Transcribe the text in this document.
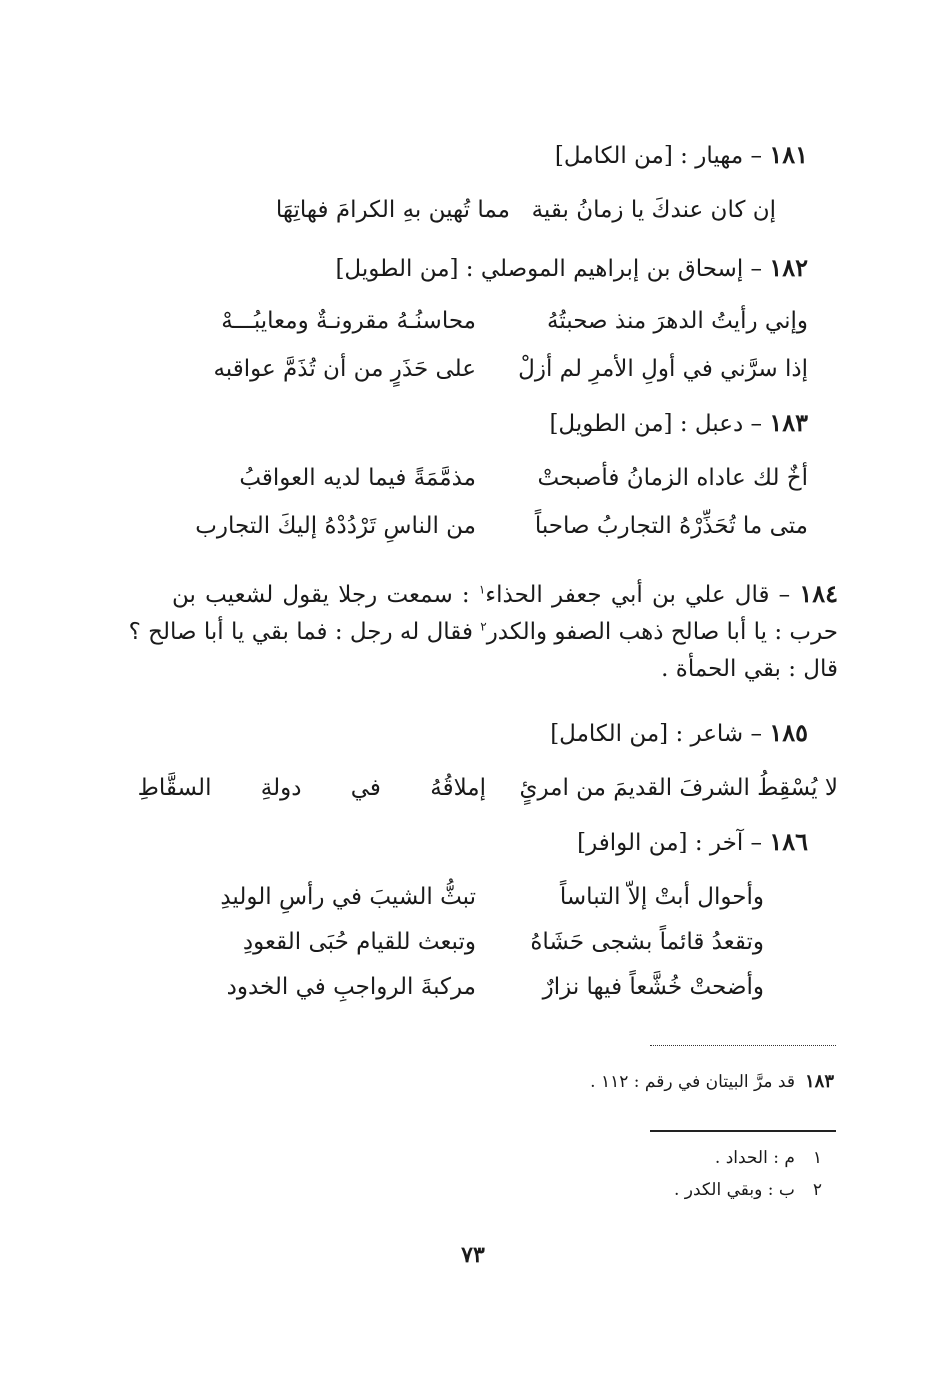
١٨١ – مهيار : [من الكامل]
إن كان عندكَ يا زمانُ بقية
مما تُهين بهِ الكرامَ فهاتِهَا
١٨٢ – إسحاق بن إبراهيم الموصلي : [من الطويل]
وإني رأيتُ الدهرَ منذ صحبتُهُ
محاسنُـهُ مقرونـةٌ ومعايبُـــهْ
إذا سرَّني في أولِ الأمرِ لم أزلْ
على حَذَرٍ من أن تُذَمَّ عواقبه
١٨٣ – دعبل : [من الطويل]
أخٌ لك عاداه الزمانُ فأصبحتْ
مذمَّمَةً فيما لديه العواقبُ
متى ما تُحَذِّرْهُ التجاربُ صاحباً
من الناسِ تَرْدُدْهُ إليكَ التجارب
١٨٤ – قال علي بن أبي جعفر الحذاء$^١$ : سمعت رجلا يقول لشعيب بن
حرب : يا أبا صالح ذهب الصفو والكدر$^٢$ فقال له رجل : فما بقي يا أبا صالح ؟
قال : بقي الحمأة .
١٨٥ – شاعر : [من الكامل]
لا يُسْقِطُ الشرفَ القديمَ من امرئٍ
إملاقُهُ في دولةِ السقَّاطِ
١٨٦ – آخر : [من الوافر]
وأحوال أبتْ إلاّ التباساً
تبثُّ الشيبَ في رأسِ الوليدِ
وتقعدُ قائماً بشجى حَشَاهُ
وتبعث للقيام حُبَى القعودِ
وأضحتْ خُشَّعاً فيها نزارٌ
مركبةَ الرواجبِ في الخدود
١٨٣قد مرَّ البيتان في رقم : ١١٢ .
١م : الحداد .
٢ب : وبقي الكدر .
٧٣
